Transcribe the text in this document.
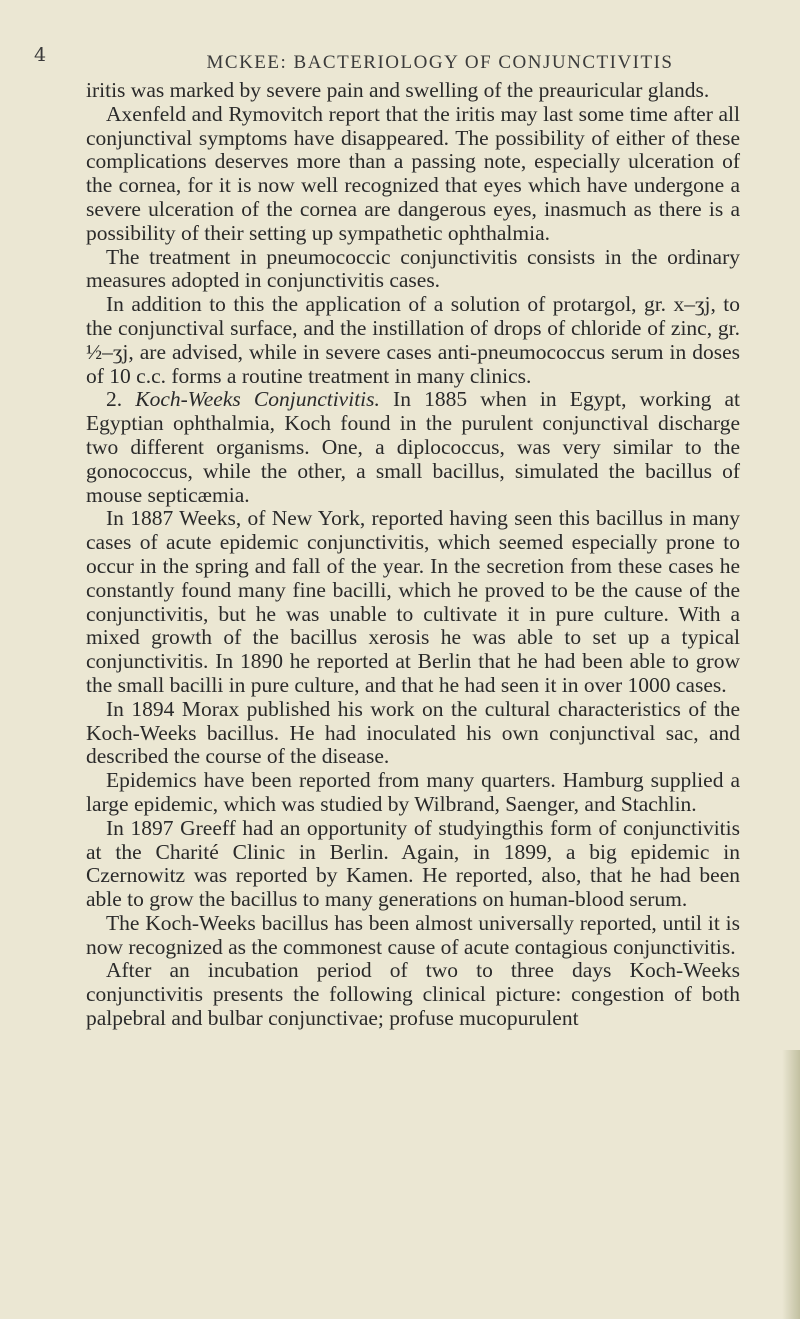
4	MCKEE: BACTERIOLOGY OF CONJUNCTIVITIS

iritis was marked by severe pain and swelling of the preauricular glands.

Axenfeld and Rymovitch report that the iritis may last some time after all conjunctival symptoms have disappeared. The possibility of either of these complications deserves more than a passing note, especially ulceration of the cornea, for it is now well recognized that eyes which have undergone a severe ulceration of the cornea are dangerous eyes, inasmuch as there is a possibility of their setting up sympathetic ophthalmia.

The treatment in pneumococcic conjunctivitis consists in the ordinary measures adopted in conjunctivitis cases.

In addition to this the application of a solution of protargol, gr. x–ʒj, to the conjunctival surface, and the instillation of drops of chloride of zinc, gr. ½–ʒj, are advised, while in severe cases anti-pneumococcus serum in doses of 10 c.c. forms a routine treatment in many clinics.

2. Koch-Weeks Conjunctivitis. In 1885 when in Egypt, working at Egyptian ophthalmia, Koch found in the purulent conjunctival discharge two different organisms. One, a diplococcus, was very similar to the gonococcus, while the other, a small bacillus, simulated the bacillus of mouse septicæmia.

In 1887 Weeks, of New York, reported having seen this bacillus in many cases of acute epidemic conjunctivitis, which seemed especially prone to occur in the spring and fall of the year. In the secretion from these cases he constantly found many fine bacilli, which he proved to be the cause of the conjunctivitis, but he was unable to cultivate it in pure culture. With a mixed growth of the bacillus xerosis he was able to set up a typical conjunctivitis. In 1890 he reported at Berlin that he had been able to grow the small bacilli in pure culture, and that he had seen it in over 1000 cases.

In 1894 Morax published his work on the cultural characteristics of the Koch-Weeks bacillus. He had inoculated his own conjunctival sac, and described the course of the disease.

Epidemics have been reported from many quarters. Hamburg supplied a large epidemic, which was studied by Wilbrand, Saenger, and Stachlin.

In 1897 Greeff had an opportunity of studyingthis form of conjunctivitis at the Charité Clinic in Berlin. Again, in 1899, a big epidemic in Czernowitz was reported by Kamen. He reported, also, that he had been able to grow the bacillus to many generations on human-blood serum.

The Koch-Weeks bacillus has been almost universally reported, until it is now recognized as the commonest cause of acute contagious conjunctivitis.

After an incubation period of two to three days Koch-Weeks conjunctivitis presents the following clinical picture: congestion of both palpebral and bulbar conjunctivae; profuse mucopurulent
